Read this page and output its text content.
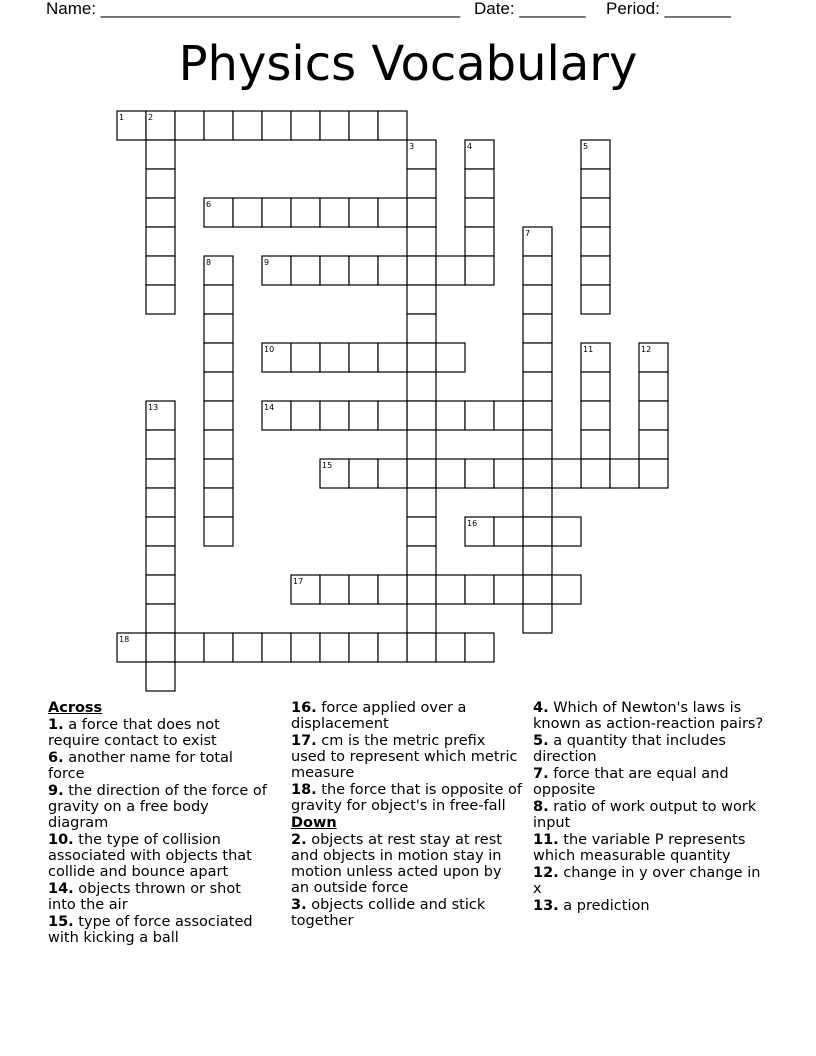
Name: ______________________________________ Date: _______ Period: _______
Physics Vocabulary
1	2
3	4	5
6
7
8	9
10	11	12
13	14
15
16
17
18
Across
1. a force that does not require contact to exist
6. another name for total force
9. the direction of the force of gravity on a free body diagram
10. the type of collision associated with objects that collide and bounce apart
14. objects thrown or shot into the air
15. type of force associated with kicking a ball
16. force applied over a displacement
17. cm is the metric prefix used to represent which metric measure
18. the force that is opposite of gravity for object's in free-fall
Down
2. objects at rest stay at rest and objects in motion stay in motion unless acted upon by an outside force
3. objects collide and stick together
4. Which of Newton's laws is known as action-reaction pairs?
5. a quantity that includes direction
7. force that are equal and opposite
8. ratio of work output to work input
11. the variable P represents which measurable quantity
12. change in y over change in x
13. a prediction
